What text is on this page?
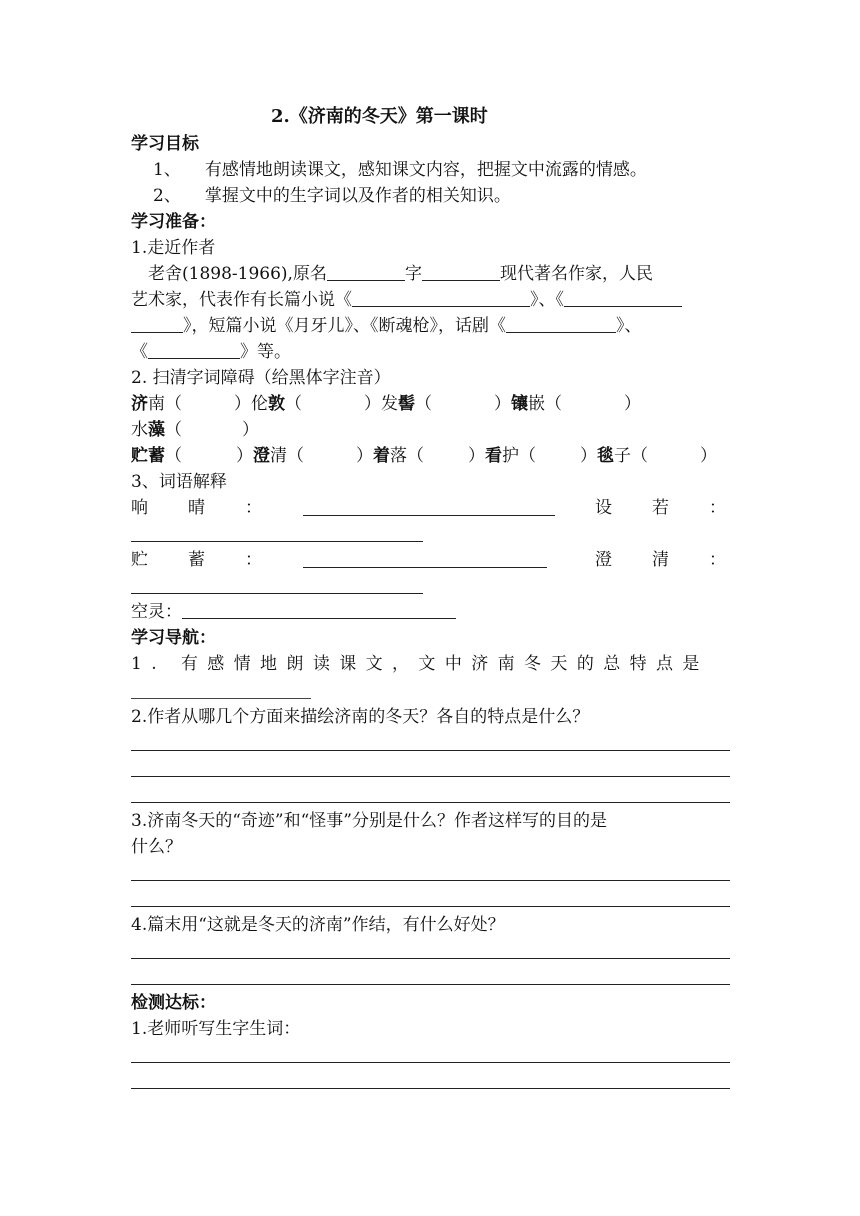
2.《济南的冬天》第一课时
学习目标
1、 有感情地朗读课文，感知课文内容，把握文中流露的情感。
2、 掌握文中的生字词以及作者的相关知识。
学习准备：
1.走近作者
老舍(1898-1966),原名	字	现代著名作家，人民
艺术家，代表作有长篇小说《	》、《
》，短篇小说《月牙儿》、《断魂枪》，话剧《	》、
《	》等。
2. 扫清字词障碍（给黑体字注音）
济南（	）伦敦（	）发髻（	）镶嵌（	）
水藻（	）
贮蓄（	）澄清（	）着落（	）看护（	）毯子（	）
3、词语解释
响 晴 ：	设 若 ：
贮 蓄 ：	澄 清 ：
空灵：
学习导航：
1. 有感情地朗读课文，文中济南冬天的总特点是
2.作者从哪几个方面来描绘济南的冬天？各自的特点是什么？
3.济南冬天的“奇迹”和“怪事”分别是什么？作者这样写的目的是
什么？
4.篇末用“这就是冬天的济南”作结，有什么好处？
检测达标：
1.老师听写生字生词：
